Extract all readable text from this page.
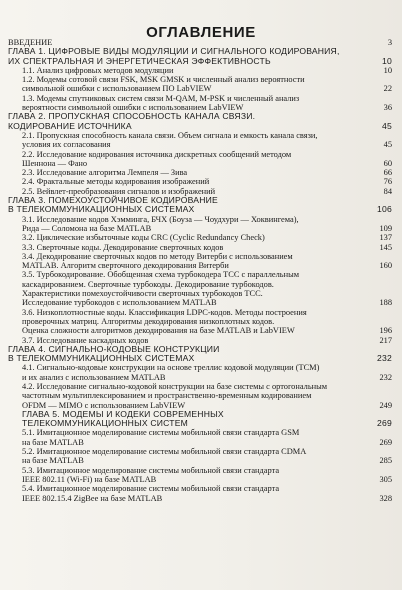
ОГЛАВЛЕНИЕ

ВВЕДЕНИЕ	3

ГЛАВА 1. ЦИФРОВЫЕ ВИДЫ МОДУЛЯЦИИ И СИГНАЛЬНОГО КОДИРОВАНИЯ,

ИХ СПЕКТРАЛЬНАЯ И ЭНЕРГЕТИЧЕСКАЯ ЭФФЕКТИВНОСТЬ	10

1.1. Анализ цифровых методов модуляции	10

1.2. Модемы сотовой связи FSK, MSK GMSK и численный анализ вероятности

символьной ошибки с использованием ПО LabVIEW	22

1.3. Модемы спутниковых систем связи M-QAM, M-PSK и численный анализ

вероятности символьной ошибки с использованием LabVIEW	36

ГЛАВА 2. ПРОПУСКНАЯ СПОСОБНОСТЬ КАНАЛА СВЯЗИ.

КОДИРОВАНИЕ ИСТОЧНИКА	45

2.1. Пропускная способность канала связи. Объем сигнала и емкость канала связи,

условия их согласования	45

2.2. Исследование кодирования источника дискретных сообщений методом

Шеннона — Фано	60

2.3. Исследование алгоритма Лемпеля — Зива	66

2.4. Фрактальные методы кодирования изображений	76

2.5. Вейвлет-преобразования сигналов и изображений	84

ГЛАВА 3. ПОМЕХОУСТОЙЧИВОЕ КОДИРОВАНИЕ

В ТЕЛЕКОММУНИКАЦИОННЫХ СИСТЕМАХ	106

3.1. Исследование кодов Хэмминга, БЧХ (Боуза — Чоудхури — Хоквингема),

Рида — Соломона на базе MATLAB	109

3.2. Циклические избыточные коды CRC (Cyclic Redundancy Check)	137

3.3. Сверточные коды. Декодирование сверточных кодов	145

3.4. Декодирование сверточных кодов по методу Витерби с использованием

MATLAB. Алгоритм сверточного декодирования Витерби	160

3.5. Турбокодирование. Обобщенная схема турбокодера ТСС с параллельным

каскадированием. Сверточные турбокоды. Декодирование турбокодов.

Характеристики помехоустойчивости сверточных турбокодов ТСС.

Исследование турбокодов с использованием MATLAB	188

3.6. Низкоплотностные коды. Классификация LDPC-кодов. Методы построения

проверочных матриц. Алгоритмы декодирования низкоплотных кодов.

Оценка сложности алгоритмов декодирования на базе MATLAB и LabVIEW	196

3.7. Исследование каскадных кодов	217

ГЛАВА 4. СИГНАЛЬНО-КОДОВЫЕ КОНСТРУКЦИИ

В ТЕЛЕКОММУНИКАЦИОННЫХ СИСТЕМАХ	232

4.1. Сигнально-кодовые конструкции на основе треллис кодовой модуляции (TCM)

и их анализ с использованием MATLAB	232

4.2. Исследование сигнально-кодовой конструкции на базе системы с ортогональным

частотным мультиплексированием и пространственно-временным кодированием

OFDM — MIMO с использованием LabVIEW	249

ГЛАВА 5. МОДЕМЫ И КОДЕКИ СОВРЕМЕННЫХ

ТЕЛЕКОММУНИКАЦИОННЫХ СИСТЕМ	269

5.1. Имитационное моделирование системы мобильной связи стандарта GSM

на базе MATLAB	269

5.2. Имитационное моделирование системы мобильной связи стандарта CDMA

на базе MATLAB	285

5.3. Имитационное моделирование системы мобильной связи стандарта

IEEE 802.11 (Wi-Fi) на базе MATLAB	305

5.4. Имитационное моделирование системы мобильной связи стандарта

IEEE 802.15.4 ZigBee на базе MATLAB	328
